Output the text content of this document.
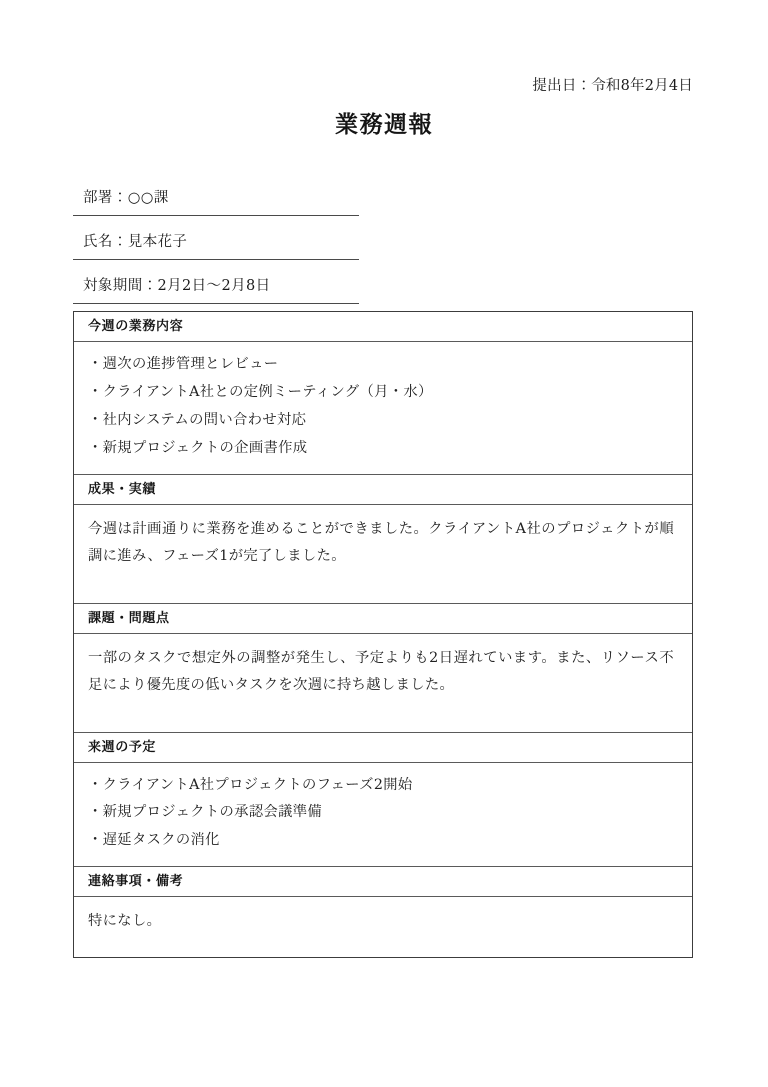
提出日：令和8年2月4日
業務週報
部署：○○課
氏名：見本花子
対象期間：2月2日〜2月8日
今週の業務内容
・週次の進捗管理とレビュー
・クライアントA社との定例ミーティング（月・水）
・社内システムの問い合わせ対応
・新規プロジェクトの企画書作成
成果・実績
今週は計画通りに業務を進めることができました。クライアントA社のプロジェクトが順調に進み、フェーズ1が完了しました。
課題・問題点
一部のタスクで想定外の調整が発生し、予定よりも2日遅れています。また、リソース不足により優先度の低いタスクを次週に持ち越しました。
来週の予定
・クライアントA社プロジェクトのフェーズ2開始
・新規プロジェクトの承認会議準備
・遅延タスクの消化
連絡事項・備考
特になし。
